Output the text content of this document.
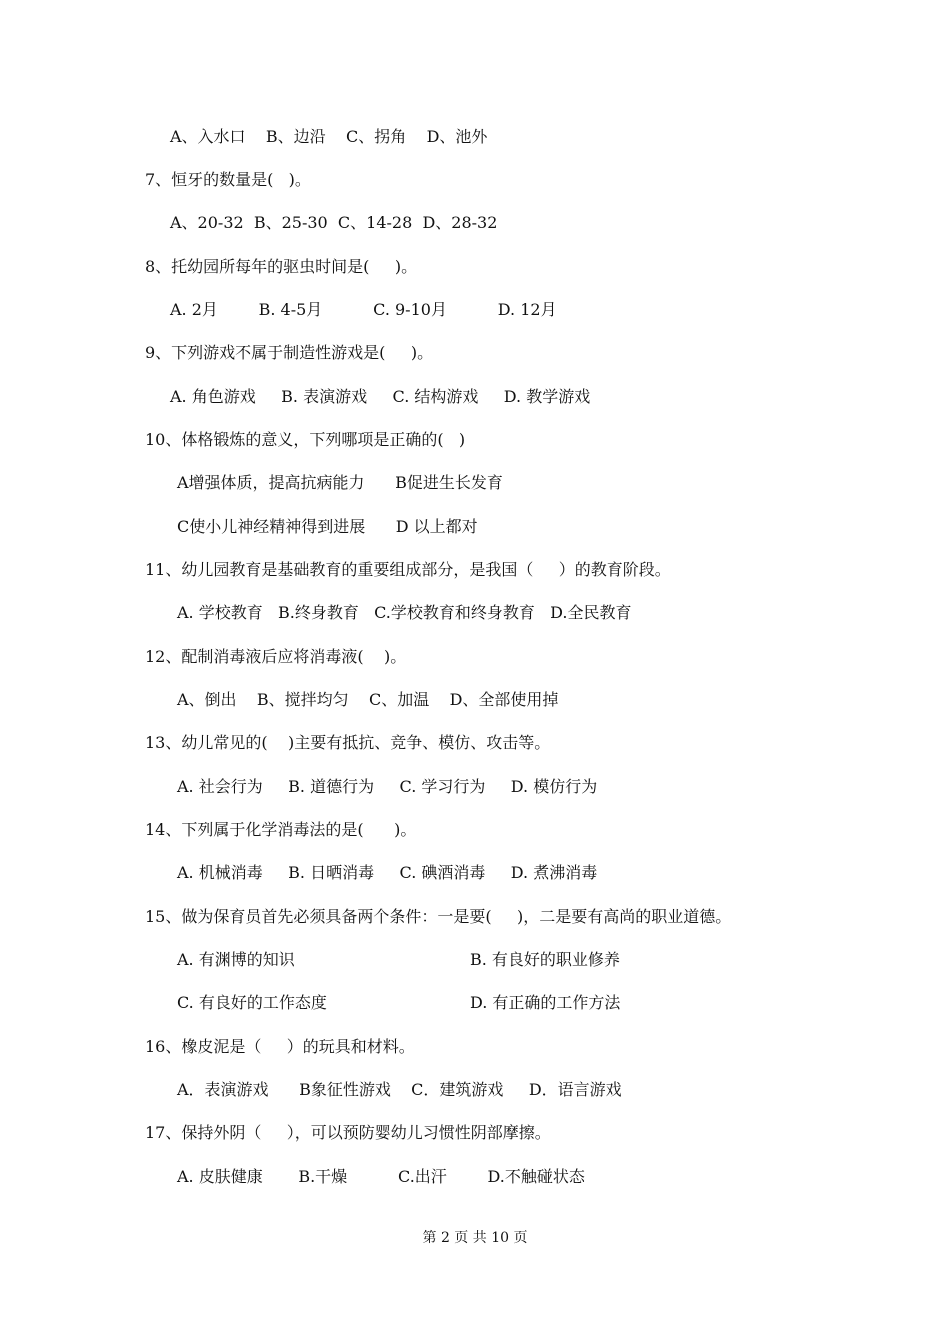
A、入水口    B、边沿    C、拐角    D、池外
7、恒牙的数量是(   )。
A、20-32  B、25-30  C、14-28  D、28-32
8、托幼园所每年的驱虫时间是(     )。
A. 2月        B. 4-5月          C. 9-10月          D. 12月
9、下列游戏不属于制造性游戏是(     )。
A. 角色游戏     B. 表演游戏     C. 结构游戏     D. 教学游戏
10、体格锻炼的意义，下列哪项是正确的(   )
A增强体质，提高抗病能力      B促进生长发育
C使小儿神经精神得到进展      D 以上都对
11、幼儿园教育是基础教育的重要组成部分，是我国（     ）的教育阶段。
A. 学校教育   B.终身教育   C.学校教育和终身教育   D.全民教育
12、配制消毒液后应将消毒液(    )。
A、倒出    B、搅拌均匀    C、加温    D、全部使用掉
13、幼儿常见的(    )主要有抵抗、竞争、模仿、攻击等。
A. 社会行为     B. 道德行为     C. 学习行为     D. 模仿行为
14、下列属于化学消毒法的是(      )。
A. 机械消毒     B. 日晒消毒     C. 碘酒消毒     D. 煮沸消毒
15、做为保育员首先必须具备两个条件：一是要(     )，二是要有高尚的职业道德。
A. 有渊博的知识	B. 有良好的职业修养
C. 有良好的工作态度	D. 有正确的工作方法
16、橡皮泥是（     ）的玩具和材料。
A．表演游戏      B象征性游戏    C．建筑游戏     D．语言游戏
17、保持外阴（     ），可以预防婴幼儿习惯性阴部摩擦。
A. 皮肤健康       B.干燥          C.出汗        D.不触碰状态
第 2 页 共 10 页
